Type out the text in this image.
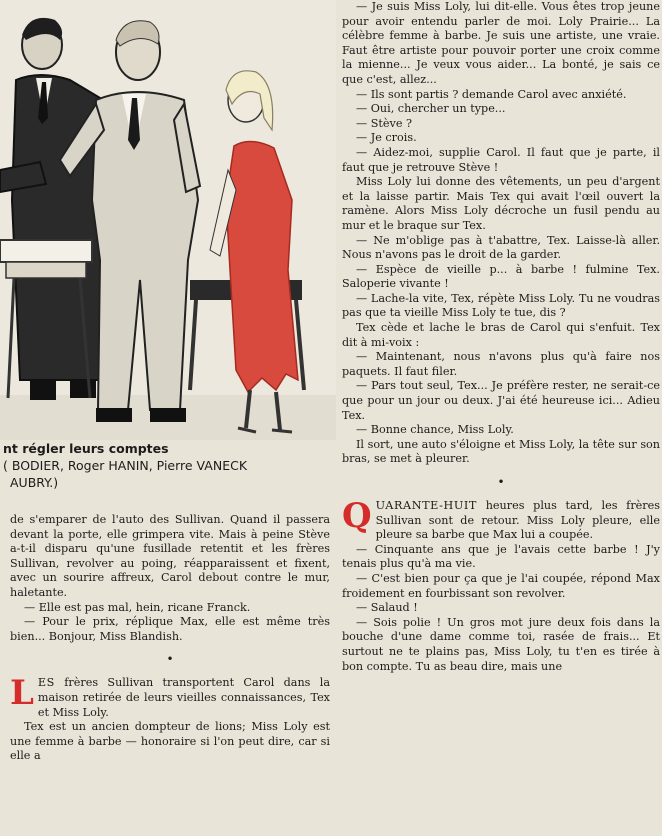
nt régler leurs comptes

( BODIER, Roger HANIN, Pierre VANECK

AUBRY.)

de s'emparer de l'auto des Sullivan. Quand il passera devant la porte, elle grimpera vite. Mais à peine Stève a-t-il disparu qu'une fusillade retentit et les frères Sullivan, revolver au poing, réapparaissent et fixent, avec un sourire affreux, Carol debout contre le mur, haletante.

— Elle est pas mal, hein, ricane Franck.

— Pour le prix, réplique Max, elle est même très bien... Bonjour, Miss Blandish.

•

LES frères Sullivan transportent Carol dans la maison retirée de leurs vieilles connaissances, Tex et Miss Loly.

Tex est un ancien dompteur de lions; Miss Loly est une femme à barbe — honoraire si l'on peut dire, car si elle a

— Je suis Miss Loly, lui dit-elle. Vous êtes trop jeune pour avoir entendu parler de moi. Loly Prairie... La célèbre femme à barbe. Je suis une artiste, une vraie. Faut être artiste pour pouvoir porter une croix comme la mienne... Je veux vous aider... La bonté, je sais ce que c'est, allez...

— Ils sont partis ? demande Carol avec anxiété.

— Oui, chercher un type...

— Stève ?

— Je crois.

— Aidez-moi, supplie Carol. Il faut que je parte, il faut que je retrouve Stève !

Miss Loly lui donne des vêtements, un peu d'argent et la laisse partir. Mais Tex qui avait l'œil ouvert la ramène. Alors Miss Loly décroche un fusil pendu au mur et le braque sur Tex.

— Ne m'oblige pas à t'abattre, Tex. Laisse-là aller. Nous n'avons pas le droit de la garder.

— Espèce de vieille p... à barbe ! fulmine Tex. Saloperie vivante !

— Lache-la vite, Tex, répète Miss Loly. Tu ne voudras pas que ta vieille Miss Loly te tue, dis ?

Tex cède et lache le bras de Carol qui s'enfuit. Tex dit à mi-voix :

— Maintenant, nous n'avons plus qu'à faire nos paquets. Il faut filer.

— Pars tout seul, Tex... Je préfère rester, ne serait-ce que pour un jour ou deux. J'ai été heureuse ici... Adieu Tex.

— Bonne chance, Miss Loly.

Il sort, une auto s'éloigne et Miss Loly, la tête sur son bras, se met à pleurer.

•

QUARANTE-HUIT heures plus tard, les frères Sullivan sont de retour. Miss Loly pleure, elle pleure sa barbe que Max lui a coupée.

— Cinquante ans que je l'avais cette barbe ! J'y tenais plus qu'à ma vie.

— C'est bien pour ça que je l'ai coupée, répond Max froidement en fourbissant son revolver.

— Salaud !

— Sois polie ! Un gros mot jure deux fois dans la bouche d'une dame comme toi, rasée de frais... Et surtout ne te plains pas, Miss Loly, tu t'en es tirée à bon compte. Tu as beau dire, mais une
